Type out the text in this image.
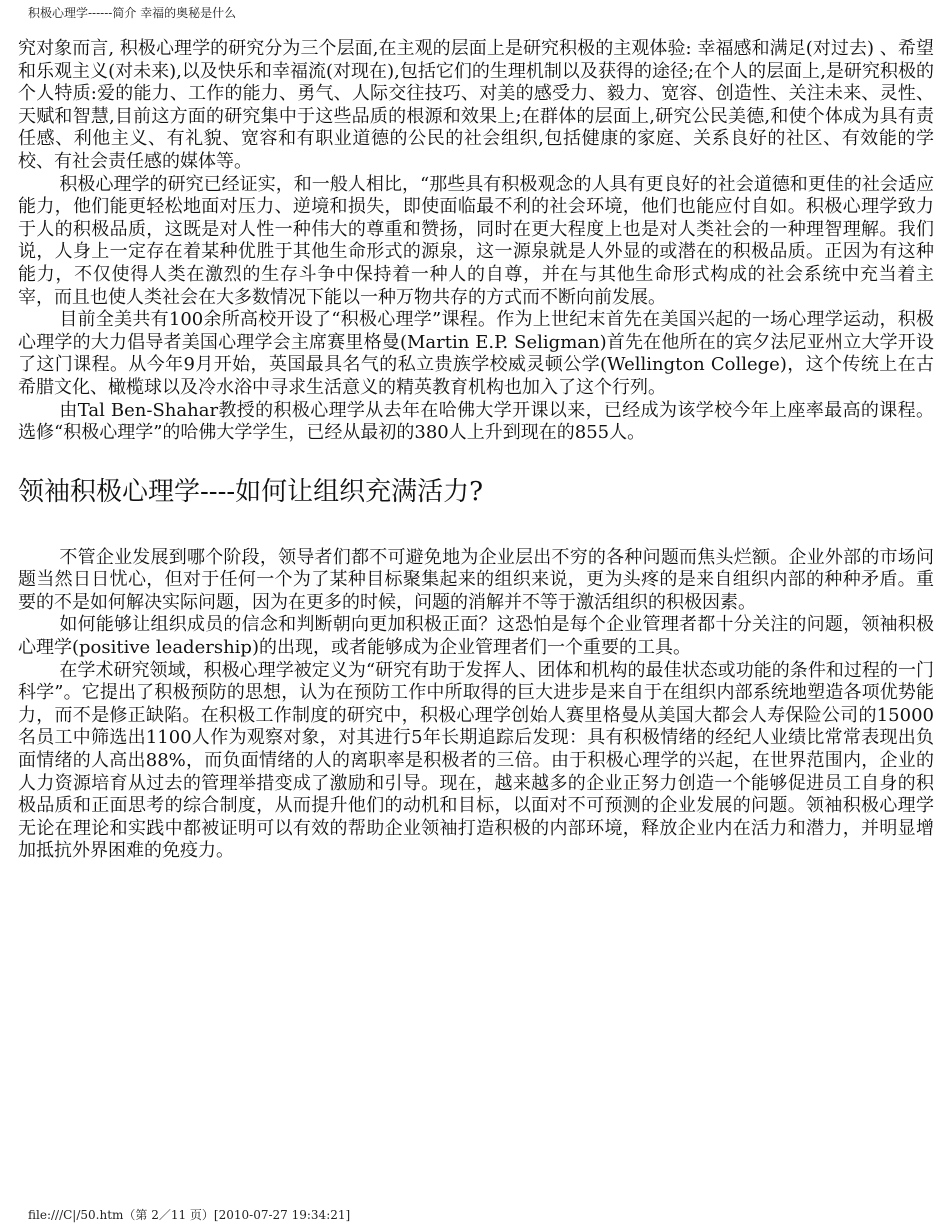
积极心理学------简介 幸福的奥秘是什么

究对象而言, 积极心理学的研究分为三个层面,在主观的层面上是研究积极的主观体验: 幸福感和满足(对过去) 、希望和乐观主义(对未来),以及快乐和幸福流(对现在),包括它们的生理机制以及获得的途径;在个人的层面上,是研究积极的个人特质:爱的能力、工作的能力、勇气、人际交往技巧、对美的感受力、毅力、宽容、创造性、关注未来、灵性、天赋和智慧,目前这方面的研究集中于这些品质的根源和效果上;在群体的层面上,研究公民美德,和使个体成为具有责任感、利他主义、有礼貌、宽容和有职业道德的公民的社会组织,包括健康的家庭、关系良好的社区、有效能的学校、有社会责任感的媒体等。

积极心理学的研究已经证实，和一般人相比，“那些具有积极观念的人具有更良好的社会道德和更佳的社会适应能力，他们能更轻松地面对压力、逆境和损失，即使面临最不利的社会环境，他们也能应付自如。积极心理学致力于人的积极品质，这既是对人性一种伟大的尊重和赞扬，同时在更大程度上也是对人类社会的一种理智理解。我们说，人身上一定存在着某种优胜于其他生命形式的源泉，这一源泉就是人外显的或潜在的积极品质。正因为有这种能力，不仅使得人类在激烈的生存斗争中保持着一种人的自尊，并在与其他生命形式构成的社会系统中充当着主宰，而且也使人类社会在大多数情况下能以一种万物共存的方式而不断向前发展。

目前全美共有100余所高校开设了“积极心理学”课程。作为上世纪末首先在美国兴起的一场心理学运动，积极心理学的大力倡导者美国心理学会主席赛里格曼(Martin E.P. Seligman)首先在他所在的宾夕法尼亚州立大学开设了这门课程。从今年9月开始，英国最具名气的私立贵族学校威灵顿公学(Wellington College)，这个传统上在古希腊文化、橄榄球以及冷水浴中寻求生活意义的精英教育机构也加入了这个行列。

由Tal Ben-Shahar教授的积极心理学从去年在哈佛大学开课以来，已经成为该学校今年上座率最高的课程。选修“积极心理学”的哈佛大学学生，已经从最初的380人上升到现在的855人。

领袖积极心理学----如何让组织充满活力?

不管企业发展到哪个阶段，领导者们都不可避免地为企业层出不穷的各种问题而焦头烂额。企业外部的市场问题当然日日忧心，但对于任何一个为了某种目标聚集起来的组织来说，更为头疼的是来自组织内部的种种矛盾。重要的不是如何解决实际问题，因为在更多的时候，问题的消解并不等于激活组织的积极因素。

如何能够让组织成员的信念和判断朝向更加积极正面？这恐怕是每个企业管理者都十分关注的问题，领袖积极心理学(positive leadership)的出现，或者能够成为企业管理者们一个重要的工具。

在学术研究领域，积极心理学被定义为“研究有助于发挥人、团体和机构的最佳状态或功能的条件和过程的一门科学”。它提出了积极预防的思想，认为在预防工作中所取得的巨大进步是来自于在组织内部系统地塑造各项优势能力，而不是修正缺陷。在积极工作制度的研究中，积极心理学创始人赛里格曼从美国大都会人寿保险公司的15000名员工中筛选出1100人作为观察对象，对其进行5年长期追踪后发现：具有积极情绪的经纪人业绩比常常表现出负面情绪的人高出88%，而负面情绪的人的离职率是积极者的三倍。由于积极心理学的兴起，在世界范围内，企业的人力资源培育从过去的管理举措变成了激励和引导。现在，越来越多的企业正努力创造一个能够促进员工自身的积极品质和正面思考的综合制度，从而提升他们的动机和目标，以面对不可预测的企业发展的问题。领袖积极心理学无论在理论和实践中都被证明可以有效的帮助企业领袖打造积极的内部环境，释放企业内在活力和潜力，并明显增加抵抗外界困难的免疫力。

file:///C|/50.htm（第 2／11 页）[2010-07-27 19:34:21]
